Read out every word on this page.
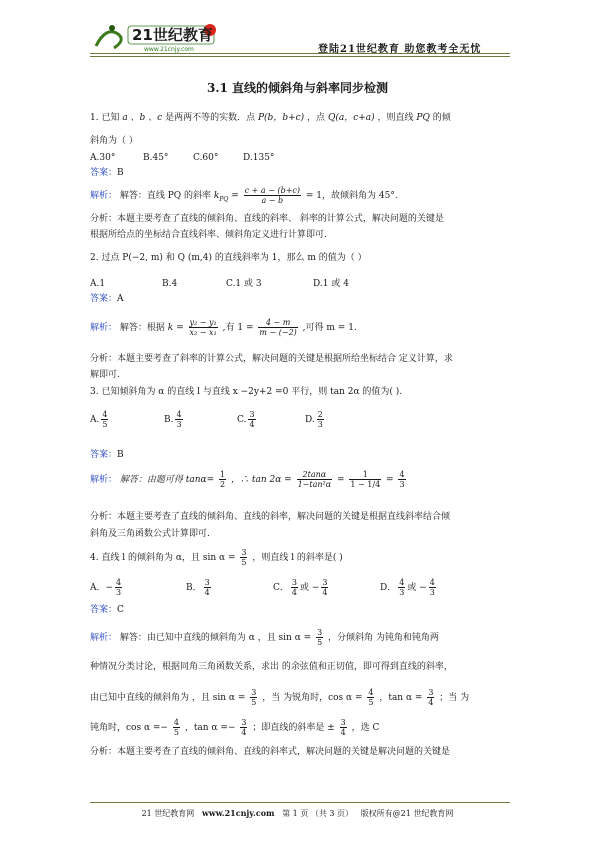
21世纪教育
www.21cnjy.com	登陆21世纪教育 助您教考全无忧
3.1 直线的倾斜角与斜率同步检测
1. 已知 a 、b 、c 是两两不等的实数．点 P(b，b+c) ，点 Q(a，c+a) ，则直线 PQ 的倾
斜角为（ ）
A.30°	B.45°	C.60°	D.135°
答案：B
解析： 解答：直线 PQ 的斜率 $k_{PQ} = \frac{c + a - (b+c)}{a - b} = 1$，故倾斜角为 45°.
分析：本题主要考查了直线的倾斜角、直线的斜率、 斜率的计算公式，解决问题的关键是
根据所给点的坐标结合直线斜率、倾斜角定义进行计算即可.
2. 过点 P(−2, m) 和 Q (m,4) 的直线斜率为 1，那么 m 的值为（ ）
A.1	B.4	C.1 或 3	D.1 或 4
答案：A
解析： 解答：根据 $k = \frac{\text{y₂ − y₁}}{\text{x₂ − x₁}}$ ,有 $1 = \frac{4 - m}{m - (-2)}$ ,可得 m = 1.
分析：本题主要考查了斜率的计算公式，解决问题的关键是根据所给坐标结合 定义计算，求
解即可.
3. 已知倾斜角为 α 的直线 l 与直线 x −2y+2 =0 平行，则 tan 2α 的值为( ).
A. $\frac{4}{5}$	B. $\frac{4}{3}$	C. $\frac{3}{4}$	D. $\frac{2}{3}$
答案：B
解析： 解答：由题可得 $\tan\alpha= \frac{1}{2}$ ，∴ $\tan 2\alpha = \frac{2\tan\alpha}{\text{1−tan²α}} = \frac{1}{1 - 1/4} = \frac{4}{3}$
分析：本题主要考查了直线的倾斜角、直线的斜率，解决问题的关键是根据直线斜率结合倾
斜角及三角函数公式计算即可.
4. 直线 l 的倾斜角为 α，且 $\sin \alpha = \frac{3}{5}$ ，则直线 l 的斜率是( )
A．− $\frac{4}{3}$	B． $\frac{3}{4}$	C． $\frac{3}{4}$ 或 − $\frac{3}{4}$	D． $\frac{4}{3}$ 或 − $\frac{4}{3}$
答案：C
解析： 解答：由已知中直线的倾斜角为 α ，且 $\sin \alpha = \frac{3}{5}$ ，分倾斜角 为钝角和钝角两
种情况分类讨论，根据同角三角函数关系，求出 的余弦值和正切值，即可得到直线的斜率，
由已知中直线的倾斜角为 ，且 $\sin \alpha = \frac{3}{5}$ ，当 为锐角时，$\cos \alpha = \frac{4}{5}$ ，$\tan \alpha = \frac{3}{4}$ ；当 为
钝角时，$\cos \alpha =- \frac{4}{5}$ ，$\tan \alpha =- \frac{3}{4}$ ；即直线的斜率是 ± $\frac{3}{4}$ ，选 C
分析：本题主要考查了直线的倾斜角、直线的斜率式，解决问题的关键是解决问题的关键是
21 世纪教育网 www.21cnjy.com 第 1 页 （共 3 页） 版权所有@21 世纪教育网
